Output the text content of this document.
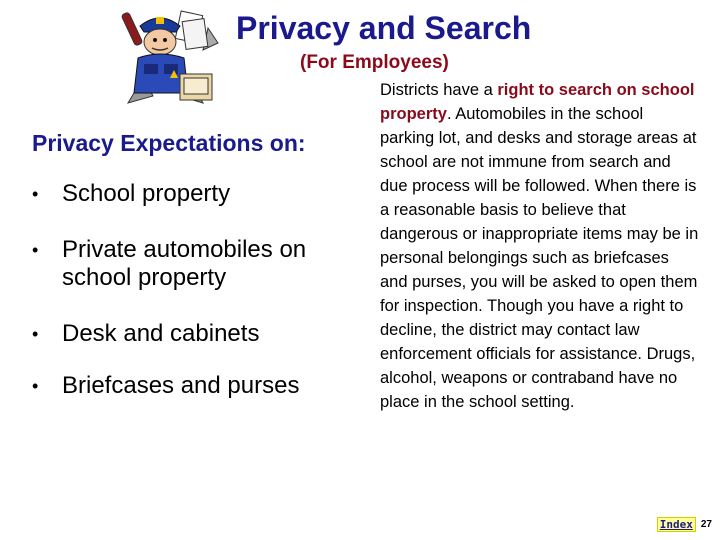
Privacy and Search
(For Employees)

Privacy Expectations on:

• School property
• Private automobiles on school property
• Desk and cabinets
• Briefcases and purses

Districts have a right to search on school property. Automobiles in the school parking lot, and desks and storage areas at school are not immune from search and due process will be followed. When there is a reasonable basis to believe that dangerous or inappropriate items may be in personal belongings such as briefcases and purses, you will be asked to open them for inspection. Though you have a right to decline, the district may contact law enforcement officials for assistance. Drugs, alcohol, weapons or contraband have no place in the school setting.

Index 27
